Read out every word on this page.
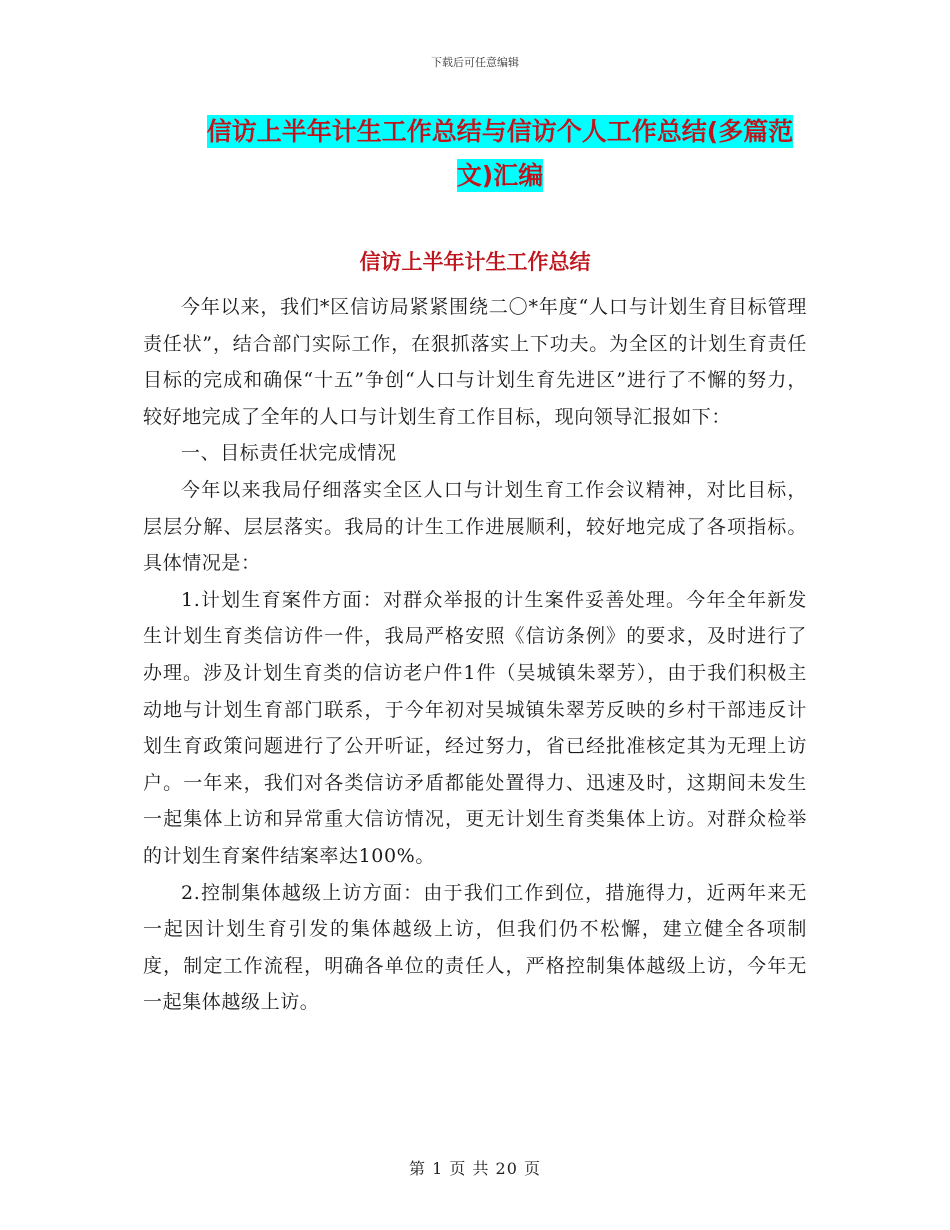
下载后可任意编辑
信访上半年计生工作总结与信访个人工作总结(多篇范
文)汇编
信访上半年计生工作总结

今年以来，我们*区信访局紧紧围绕二〇*年度“人口与计划生育目标管理责任状”，结合部门实际工作，在狠抓落实上下功夫。为全区的计划生育责任目标的完成和确保“十五”争创“人口与计划生育先进区”进行了不懈的努力，较好地完成了全年的人口与计划生育工作目标，现向领导汇报如下：

一、目标责任状完成情况

今年以来我局仔细落实全区人口与计划生育工作会议精神，对比目标，层层分解、层层落实。我局的计生工作进展顺利，较好地完成了各项指标。具体情况是：

1.计划生育案件方面：对群众举报的计生案件妥善处理。今年全年新发生计划生育类信访件一件，我局严格安照《信访条例》的要求，及时进行了办理。涉及计划生育类的信访老户件1件（吴城镇朱翠芳），由于我们积极主动地与计划生育部门联系，于今年初对吴城镇朱翠芳反映的乡村干部违反计划生育政策问题进行了公开听证，经过努力，省已经批准核定其为无理上访户。一年来，我们对各类信访矛盾都能处置得力、迅速及时，这期间未发生一起集体上访和异常重大信访情况，更无计划生育类集体上访。对群众检举的计划生育案件结案率达100%。

2.控制集体越级上访方面：由于我们工作到位，措施得力，近两年来无一起因计划生育引发的集体越级上访，但我们仍不松懈，建立健全各项制度，制定工作流程，明确各单位的责任人，严格控制集体越级上访，今年无一起集体越级上访。

第 1 页 共 20 页
